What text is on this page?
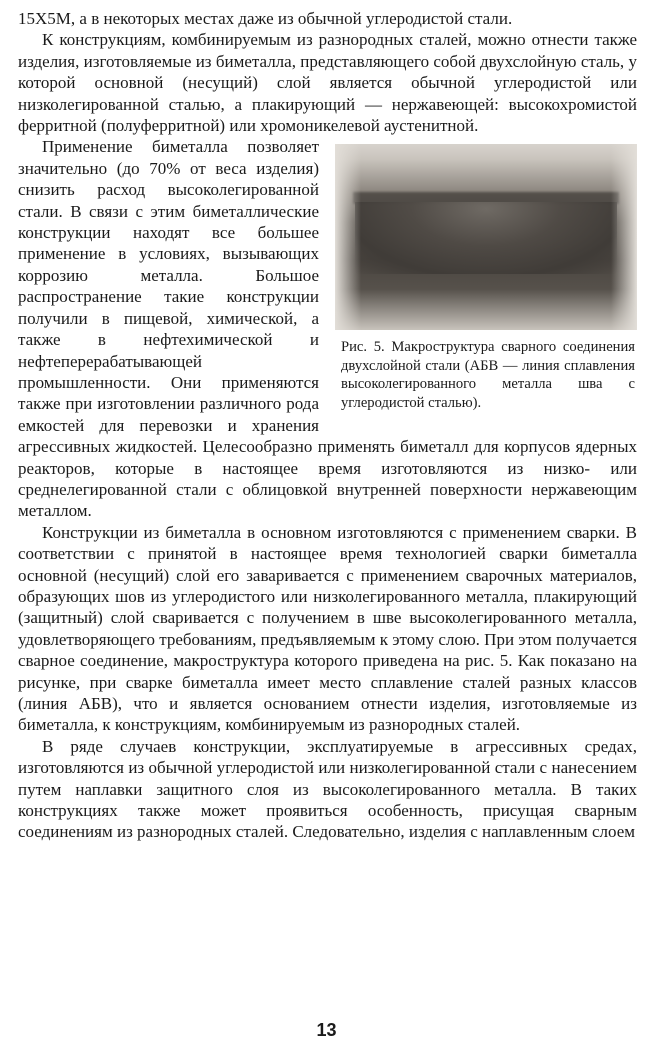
15Х5М, а в некоторых местах даже из обычной углеродистой стали.

К конструкциям, комбинируемым из разнородных сталей, можно отнести также изделия, изготовляемые из биметалла, представляющего собой двухслойную сталь, у которой основной (несущий) слой является обычной углеродистой или низколегированной сталью, а плакирующий — нержавеющей: высокохромистой ферритной (полуферритной) или хромоникелевой аустенитной.

Рис. 5. Макроструктура сварного соединения двухслойной стали (АБВ — линия сплавления высоколегированного металла шва с углеродистой сталью).

Применение биметалла позволяет значительно (до 70% от веса изделия) снизить расход высоколегированной стали. В связи с этим биметаллические конструкции находят все большее применение в условиях, вызывающих коррозию металла. Большое распространение такие конструкции получили в пищевой, химической, а также в нефтехимической и нефтеперерабатывающей промышленности. Они применяются также при изготовлении различного рода емкостей для перевозки и хранения агрессивных жидкостей. Целесообразно применять биметалл для корпусов ядерных реакторов, которые в настоящее время изготовляются из низко- или среднелегированной стали с облицовкой внутренней поверхности нержавеющим металлом.

Конструкции из биметалла в основном изготовляются с применением сварки. В соответствии с принятой в настоящее время технологией сварки биметалла основной (несущий) слой его заваривается с применением сварочных материалов, образующих шов из углеродистого или низколегированного металла, плакирующий (защитный) слой сваривается с получением в шве высоколегированного металла, удовлетворяющего требованиям, предъявляемым к этому слою. При этом получается сварное соединение, макроструктура которого приведена на рис. 5. Как показано на рисунке, при сварке биметалла имеет место сплавление сталей разных классов (линия АБВ), что и является основанием отнести изделия, изготовляемые из биметалла, к конструкциям, комбинируемым из разнородных сталей.

В ряде случаев конструкции, эксплуатируемые в агрессивных средах, изготовляются из обычной углеродистой или низколегированной стали с нанесением путем наплавки защитного слоя из высоколегированного металла. В таких конструкциях также может проявиться особенность, присущая сварным соединениям из разнородных сталей. Следовательно, изделия с наплавленным слоем

13
